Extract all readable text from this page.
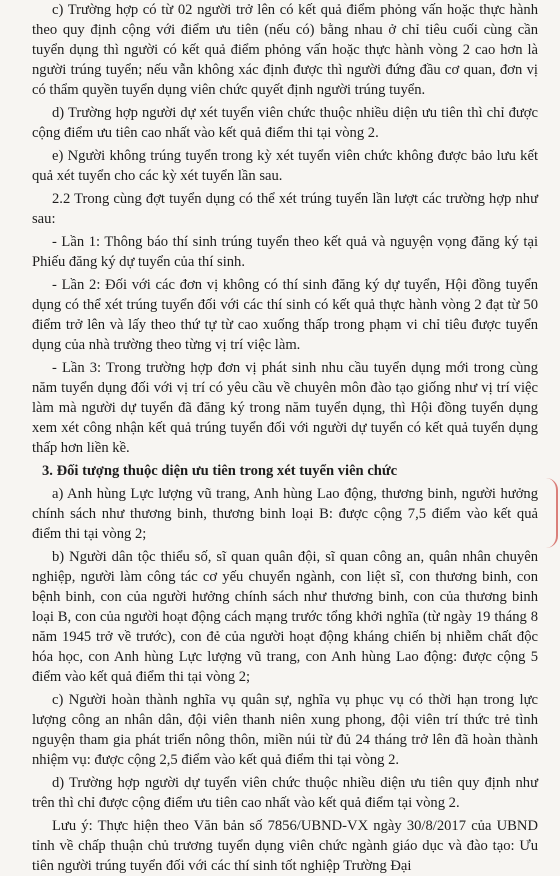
c) Trường hợp có từ 02 người trở lên có kết quả điểm phỏng vấn hoặc thực hành theo quy định cộng với điểm ưu tiên (nếu có) bằng nhau ở chỉ tiêu cuối cùng cần tuyển dụng thì người có kết quả điểm phỏng vấn hoặc thực hành vòng 2 cao hơn là người trúng tuyển; nếu vẫn không xác định được thì người đứng đầu cơ quan, đơn vị có thẩm quyền tuyển dụng viên chức quyết định người trúng tuyển.

d) Trường hợp người dự xét tuyển viên chức thuộc nhiều diện ưu tiên thì chỉ được cộng điểm ưu tiên cao nhất vào kết quả điểm thi tại vòng 2.

e) Người không trúng tuyển trong kỳ xét tuyển viên chức không được bảo lưu kết quả xét tuyển cho các kỳ xét tuyển lần sau.

2.2 Trong cùng đợt tuyển dụng có thể xét trúng tuyển lần lượt các trường hợp như sau:

- Lần 1: Thông báo thí sinh trúng tuyển theo kết quả và nguyện vọng đăng ký tại Phiếu đăng ký dự tuyển của thí sinh.

- Lần 2: Đối với các đơn vị không có thí sinh đăng ký dự tuyển, Hội đồng tuyển dụng có thể xét trúng tuyển đối với các thí sinh có kết quả thực hành vòng 2 đạt từ 50 điểm trở lên và lấy theo thứ tự từ cao xuống thấp trong phạm vi chỉ tiêu được tuyển dụng của nhà trường theo từng vị trí việc làm.

- Lần 3: Trong trường hợp đơn vị phát sinh nhu cầu tuyển dụng mới trong cùng năm tuyển dụng đối với vị trí có yêu cầu về chuyên môn đào tạo giống như vị trí việc làm mà người dự tuyển đã đăng ký trong năm tuyển dụng, thì Hội đồng tuyển dụng xem xét công nhận kết quả trúng tuyển đối với người dự tuyển có kết quả tuyển dụng thấp hơn liền kề.

3. Đối tượng thuộc diện ưu tiên trong xét tuyển viên chức

a) Anh hùng Lực lượng vũ trang, Anh hùng Lao động, thương binh, người hưởng chính sách như thương binh, thương binh loại B: được cộng 7,5 điểm vào kết quả điểm thi tại vòng 2;

b) Người dân tộc thiểu số, sĩ quan quân đội, sĩ quan công an, quân nhân chuyên nghiệp, người làm công tác cơ yếu chuyển ngành, con liệt sĩ, con thương binh, con bệnh binh, con của người hưởng chính sách như thương binh, con của thương binh loại B, con của người hoạt động cách mạng trước tổng khởi nghĩa (từ ngày 19 tháng 8 năm 1945 trở về trước), con đẻ của người hoạt động kháng chiến bị nhiễm chất độc hóa học, con Anh hùng Lực lượng vũ trang, con Anh hùng Lao động: được cộng 5 điểm vào kết quả điểm thi tại vòng 2;

c) Người hoàn thành nghĩa vụ quân sự, nghĩa vụ phục vụ có thời hạn trong lực lượng công an nhân dân, đội viên thanh niên xung phong, đội viên trí thức trẻ tình nguyện tham gia phát triển nông thôn, miền núi từ đủ 24 tháng trở lên đã hoàn thành nhiệm vụ: được cộng 2,5 điểm vào kết quả điểm thi tại vòng 2.

d) Trường hợp người dự tuyển viên chức thuộc nhiều diện ưu tiên quy định như trên thì chỉ được cộng điểm ưu tiên cao nhất vào kết quả điểm tại vòng 2.

Lưu ý: Thực hiện theo Văn bản số 7856/UBND-VX ngày 30/8/2017 của UBND tỉnh về chấp thuận chủ trương tuyển dụng viên chức ngành giáo dục và đào tạo: Ưu tiên người trúng tuyển đối với các thí sinh tốt nghiệp Trường Đại
